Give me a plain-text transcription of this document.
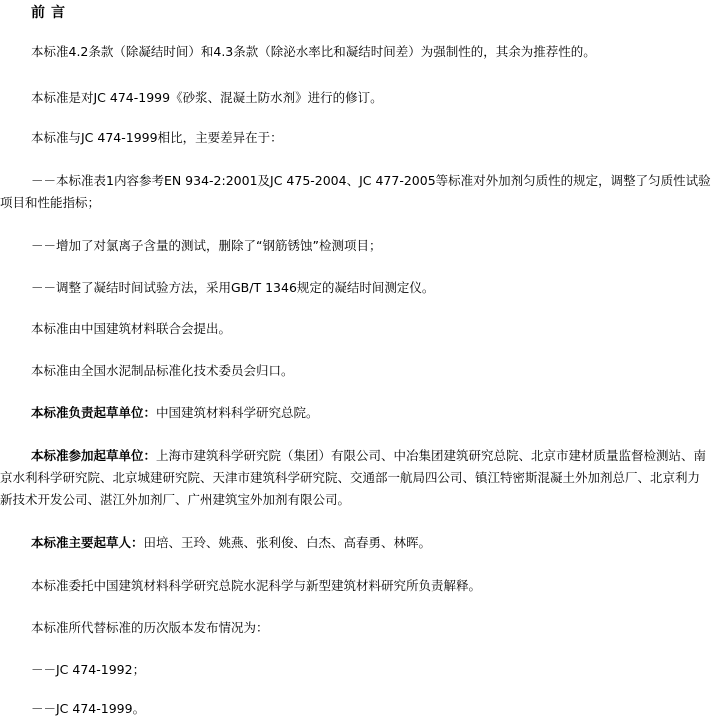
前言
本标准4.2条款（除凝结时间）和4.3条款（除泌水率比和凝结时间差）为强制性的，其余为推荐性的。
本标准是对JC 474-1999《砂浆、混凝土防水剂》进行的修订。
本标准与JC 474-1999相比，主要差异在于：
－－本标准表1内容参考EN 934-2:2001及JC 475-2004、JC 477-2005等标准对外加剂匀质性的规定，调整了匀质性试验项目和性能指标；
－－增加了对氯离子含量的测试，删除了“钢筋锈蚀”检测项目；
－－调整了凝结时间试验方法，采用GB/T 1346规定的凝结时间测定仪。
本标准由中国建筑材料联合会提出。
本标准由全国水泥制品标准化技术委员会归口。
本标准负责起草单位：中国建筑材料科学研究总院。
本标准参加起草单位：上海市建筑科学研究院（集团）有限公司、中冶集团建筑研究总院、北京市建材质量监督检测站、南京水利科学研究院、北京城建研究院、天津市建筑科学研究院、交通部一航局四公司、镇江特密斯混凝土外加剂总厂、北京利力新技术开发公司、湛江外加剂厂、广州建筑宝外加剂有限公司。
本标准主要起草人：田培、王玲、姚燕、张利俊、白杰、高春勇、林晖。
本标准委托中国建筑材料科学研究总院水泥科学与新型建筑材料研究所负责解释。
本标准所代替标准的历次版本发布情况为：
－－JC 474-1992；
－－JC 474-1999。
